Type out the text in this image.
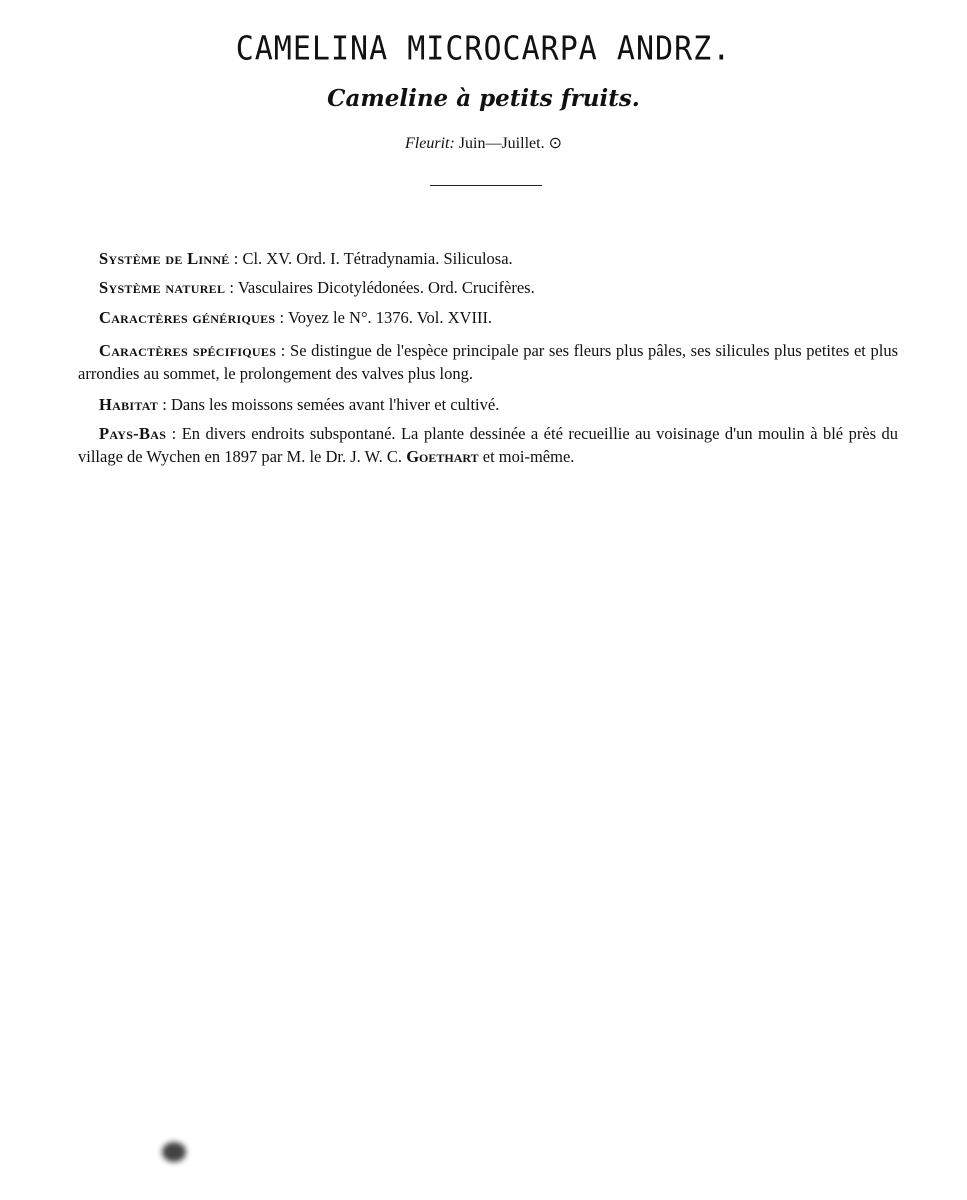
CAMELINA MICROCARPA ANDRZ.
Cameline à petits fruits.
Fleurit: Juin—Juillet. ⊙

Système de Linné : Cl. XV. Ord. I. Tétradynamia. Siliculosa.

Système naturel : Vasculaires Dicotylédonées. Ord. Crucifères.

Caractères génériques : Voyez le N°. 1376. Vol. XVIII.

Caractères spécifiques : Se distingue de l'espèce principale par ses fleurs plus pâles, ses silicules plus petites et plus arrondies au sommet, le prolongement des valves plus long.

Habitat : Dans les moissons semées avant l'hiver et cultivé.

Pays-Bas : En divers endroits subspontané. La plante dessinée a été recueillie au voisinage d'un moulin à blé près du village de Wychen en 1897 par M. le Dr. J. W. C. Goethart et moi-même.
